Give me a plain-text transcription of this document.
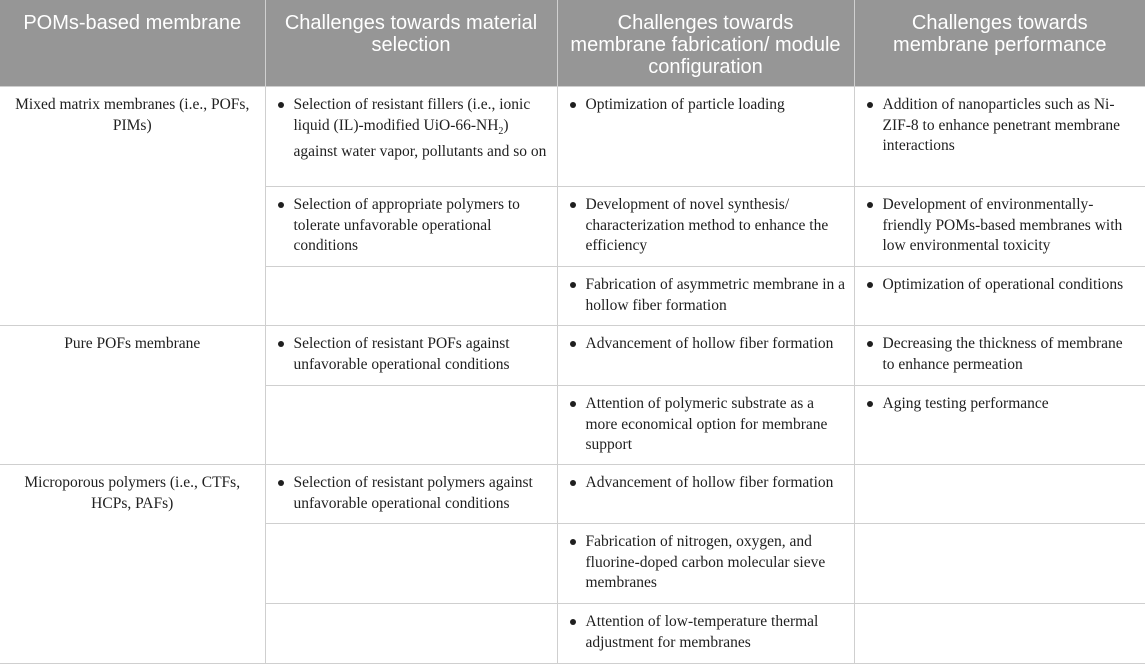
POMs-based membrane	Challenges towards material selection	Challenges towards membrane fabrication/ module configuration	Challenges towards membrane performance
Mixed matrix membranes (i.e., POFs, PIMs)	Selection of resistant fillers (i.e., ionic liquid (IL)-modified UiO-$66-NH_2$) against water vapor, pollutants and so on	Optimization of particle loading	Addition of nanoparticles such as Ni-ZIF-8 to enhance penetrant membrane interactions

	Selection of appropriate polymers to tolerate unfavorable operational conditions	Development of novel synthesis/ characterization method to enhance the efficiency	Development of environmentally-friendly POMs-based membranes with low environmental toxicity

		Fabrication of asymmetric membrane in a hollow fiber formation	Optimization of operational conditions

Pure POFs membrane	Selection of resistant POFs against unfavorable operational conditions	Advancement of hollow fiber formation	Decreasing the thickness of membrane to enhance permeation

		Attention of polymeric substrate as a more economical option for membrane support	Aging testing performance

Microporous polymers (i.e., CTFs, HCPs, PAFs)	Selection of resistant polymers against unfavorable operational conditions	Advancement of hollow fiber formation	

		Fabrication of nitrogen, oxygen, and fluorine-doped carbon molecular sieve membranes	

		Attention of low-temperature thermal adjustment for membranes	
